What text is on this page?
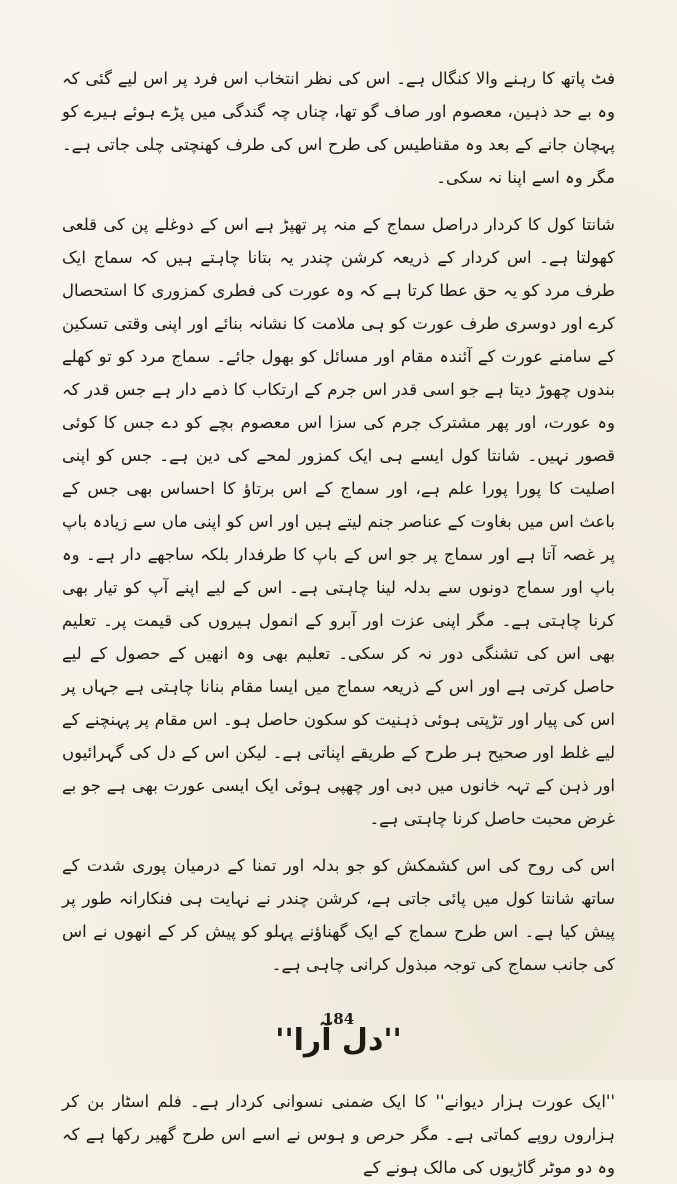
فٹ پاتھ کا رہنے والا کنگال ہے۔ اس کی نظر انتخاب اس فرد پر اس لیے گئی کہ وہ بے حد ذہین، معصوم اور صاف گو تھا، چناں چہ گندگی میں پڑے ہوئے ہیرے کو پہچان جانے کے بعد وہ مقناطیس کی طرح اس کی طرف کھنچتی چلی جاتی ہے۔ مگر وہ اسے اپنا نہ سکی۔

شانتا کول کا کردار دراصل سماج کے منہ پر تھپڑ ہے اس کے دوغلے پن کی قلعی کھولتا ہے۔ اس کردار کے ذریعہ کرشن چندر یہ بتانا چاہتے ہیں کہ سماج ایک طرف مرد کو یہ حق عطا کرتا ہے کہ وہ عورت کی فطری کمزوری کا استحصال کرے اور دوسری طرف عورت کو ہی ملامت کا نشانہ بنائے اور اپنی وقتی تسکین کے سامنے عورت کے آئندہ مقام اور مسائل کو بھول جائے۔ سماج مرد کو تو کھلے بندوں چھوڑ دیتا ہے جو اسی قدر اس جرم کے ارتکاب کا ذمے دار ہے جس قدر کہ وہ عورت، اور پھر مشترک جرم کی سزا اس معصوم بچے کو دے جس کا کوئی قصور نہیں۔ شانتا کول ایسے ہی ایک کمزور لمحے کی دین ہے۔ جس کو اپنی اصلیت کا پورا پورا علم ہے، اور سماج کے اس برتاؤ کا احساس بھی جس کے باعث اس میں بغاوت کے عناصر جنم لیتے ہیں اور اس کو اپنی ماں سے زیادہ باپ پر غصہ آتا ہے اور سماج پر جو اس کے باپ کا طرفدار بلکہ ساجھے دار ہے۔ وہ باپ اور سماج دونوں سے بدلہ لینا چاہتی ہے۔ اس کے لیے اپنے آپ کو تیار بھی کرنا چاہتی ہے۔ مگر اپنی عزت اور آبرو کے انمول ہیروں کی قیمت پر۔ تعلیم بھی اس کی تشنگی دور نہ کر سکی۔ تعلیم بھی وہ انھیں کے حصول کے لیے حاصل کرتی ہے اور اس کے ذریعہ سماج میں ایسا مقام بنانا چاہتی ہے جہاں پر اس کی پیار اور تڑپتی ہوئی ذہنیت کو سکون حاصل ہو۔ اس مقام پر پہنچنے کے لیے غلط اور صحیح ہر طرح کے طریقے اپناتی ہے۔ لیکن اس کے دل کی گہرائیوں اور ذہن کے تہہ خانوں میں دبی اور چھپی ہوئی ایک ایسی عورت بھی ہے جو بے غرض محبت حاصل کرنا چاہتی ہے۔

اس کی روح کی اس کشمکش کو جو بدلہ اور تمنا کے درمیان پوری شدت کے ساتھ شانتا کول میں پائی جاتی ہے، کرشن چندر نے نہایت ہی فنکارانہ طور پر پیش کیا ہے۔ اس طرح سماج کے ایک گھناؤنے پہلو کو پیش کر کے انھوں نے اس کی جانب سماج کی توجہ مبذول کرانی چاہی ہے۔

''دل آرا''

''ایک عورت ہزار دیوانے'' کا ایک ضمنی نسوانی کردار ہے۔ فلم اسٹار بن کر ہزاروں روپے کماتی ہے۔ مگر حرص و ہوس نے اسے اس طرح گھیر رکھا ہے کہ وہ دو موٹر گاڑیوں کی مالک ہونے کے

184
